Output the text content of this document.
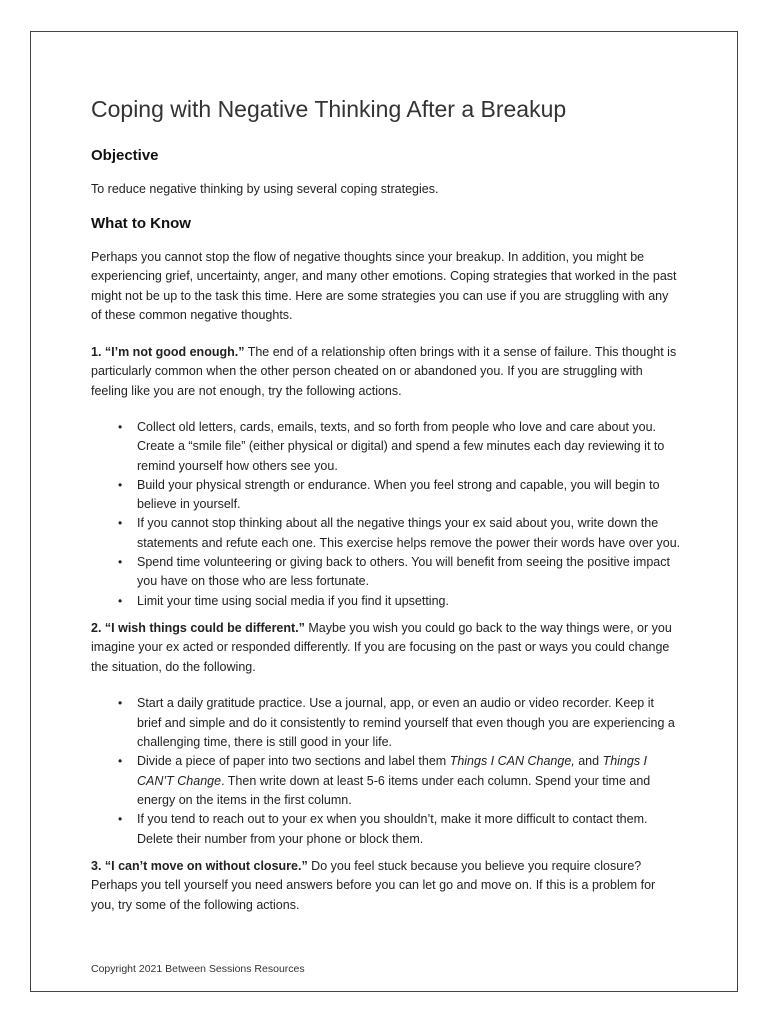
Coping with Negative Thinking After a Breakup
Objective

To reduce negative thinking by using several coping strategies.

What to Know

Perhaps you cannot stop the flow of negative thoughts since your breakup. In addition, you might be experiencing grief, uncertainty, anger, and many other emotions. Coping strategies that worked in the past might not be up to the task this time. Here are some strategies you can use if you are struggling with any of these common negative thoughts.

1. “I’m not good enough.” The end of a relationship often brings with it a sense of failure. This thought is particularly common when the other person cheated on or abandoned you. If you are struggling with feeling like you are not enough, try the following actions.

• Collect old letters, cards, emails, texts, and so forth from people who love and care about you. Create a “smile file” (either physical or digital) and spend a few minutes each day reviewing it to remind yourself how others see you.
• Build your physical strength or endurance. When you feel strong and capable, you will begin to believe in yourself.
• If you cannot stop thinking about all the negative things your ex said about you, write down the statements and refute each one. This exercise helps remove the power their words have over you.
• Spend time volunteering or giving back to others. You will benefit from seeing the positive impact you have on those who are less fortunate.
• Limit your time using social media if you find it upsetting.

2. “I wish things could be different.” Maybe you wish you could go back to the way things were, or you imagine your ex acted or responded differently. If you are focusing on the past or ways you could change the situation, do the following.

• Start a daily gratitude practice. Use a journal, app, or even an audio or video recorder. Keep it brief and simple and do it consistently to remind yourself that even though you are experiencing a challenging time, there is still good in your life.
• Divide a piece of paper into two sections and label them Things I CAN Change, and Things I CAN’T Change. Then write down at least 5-6 items under each column. Spend your time and energy on the items in the first column.
• If you tend to reach out to your ex when you shouldn’t, make it more difficult to contact them. Delete their number from your phone or block them.

3. “I can’t move on without closure.” Do you feel stuck because you believe you require closure? Perhaps you tell yourself you need answers before you can let go and move on. If this is a problem for you, try some of the following actions.

Copyright 2021 Between Sessions Resources
